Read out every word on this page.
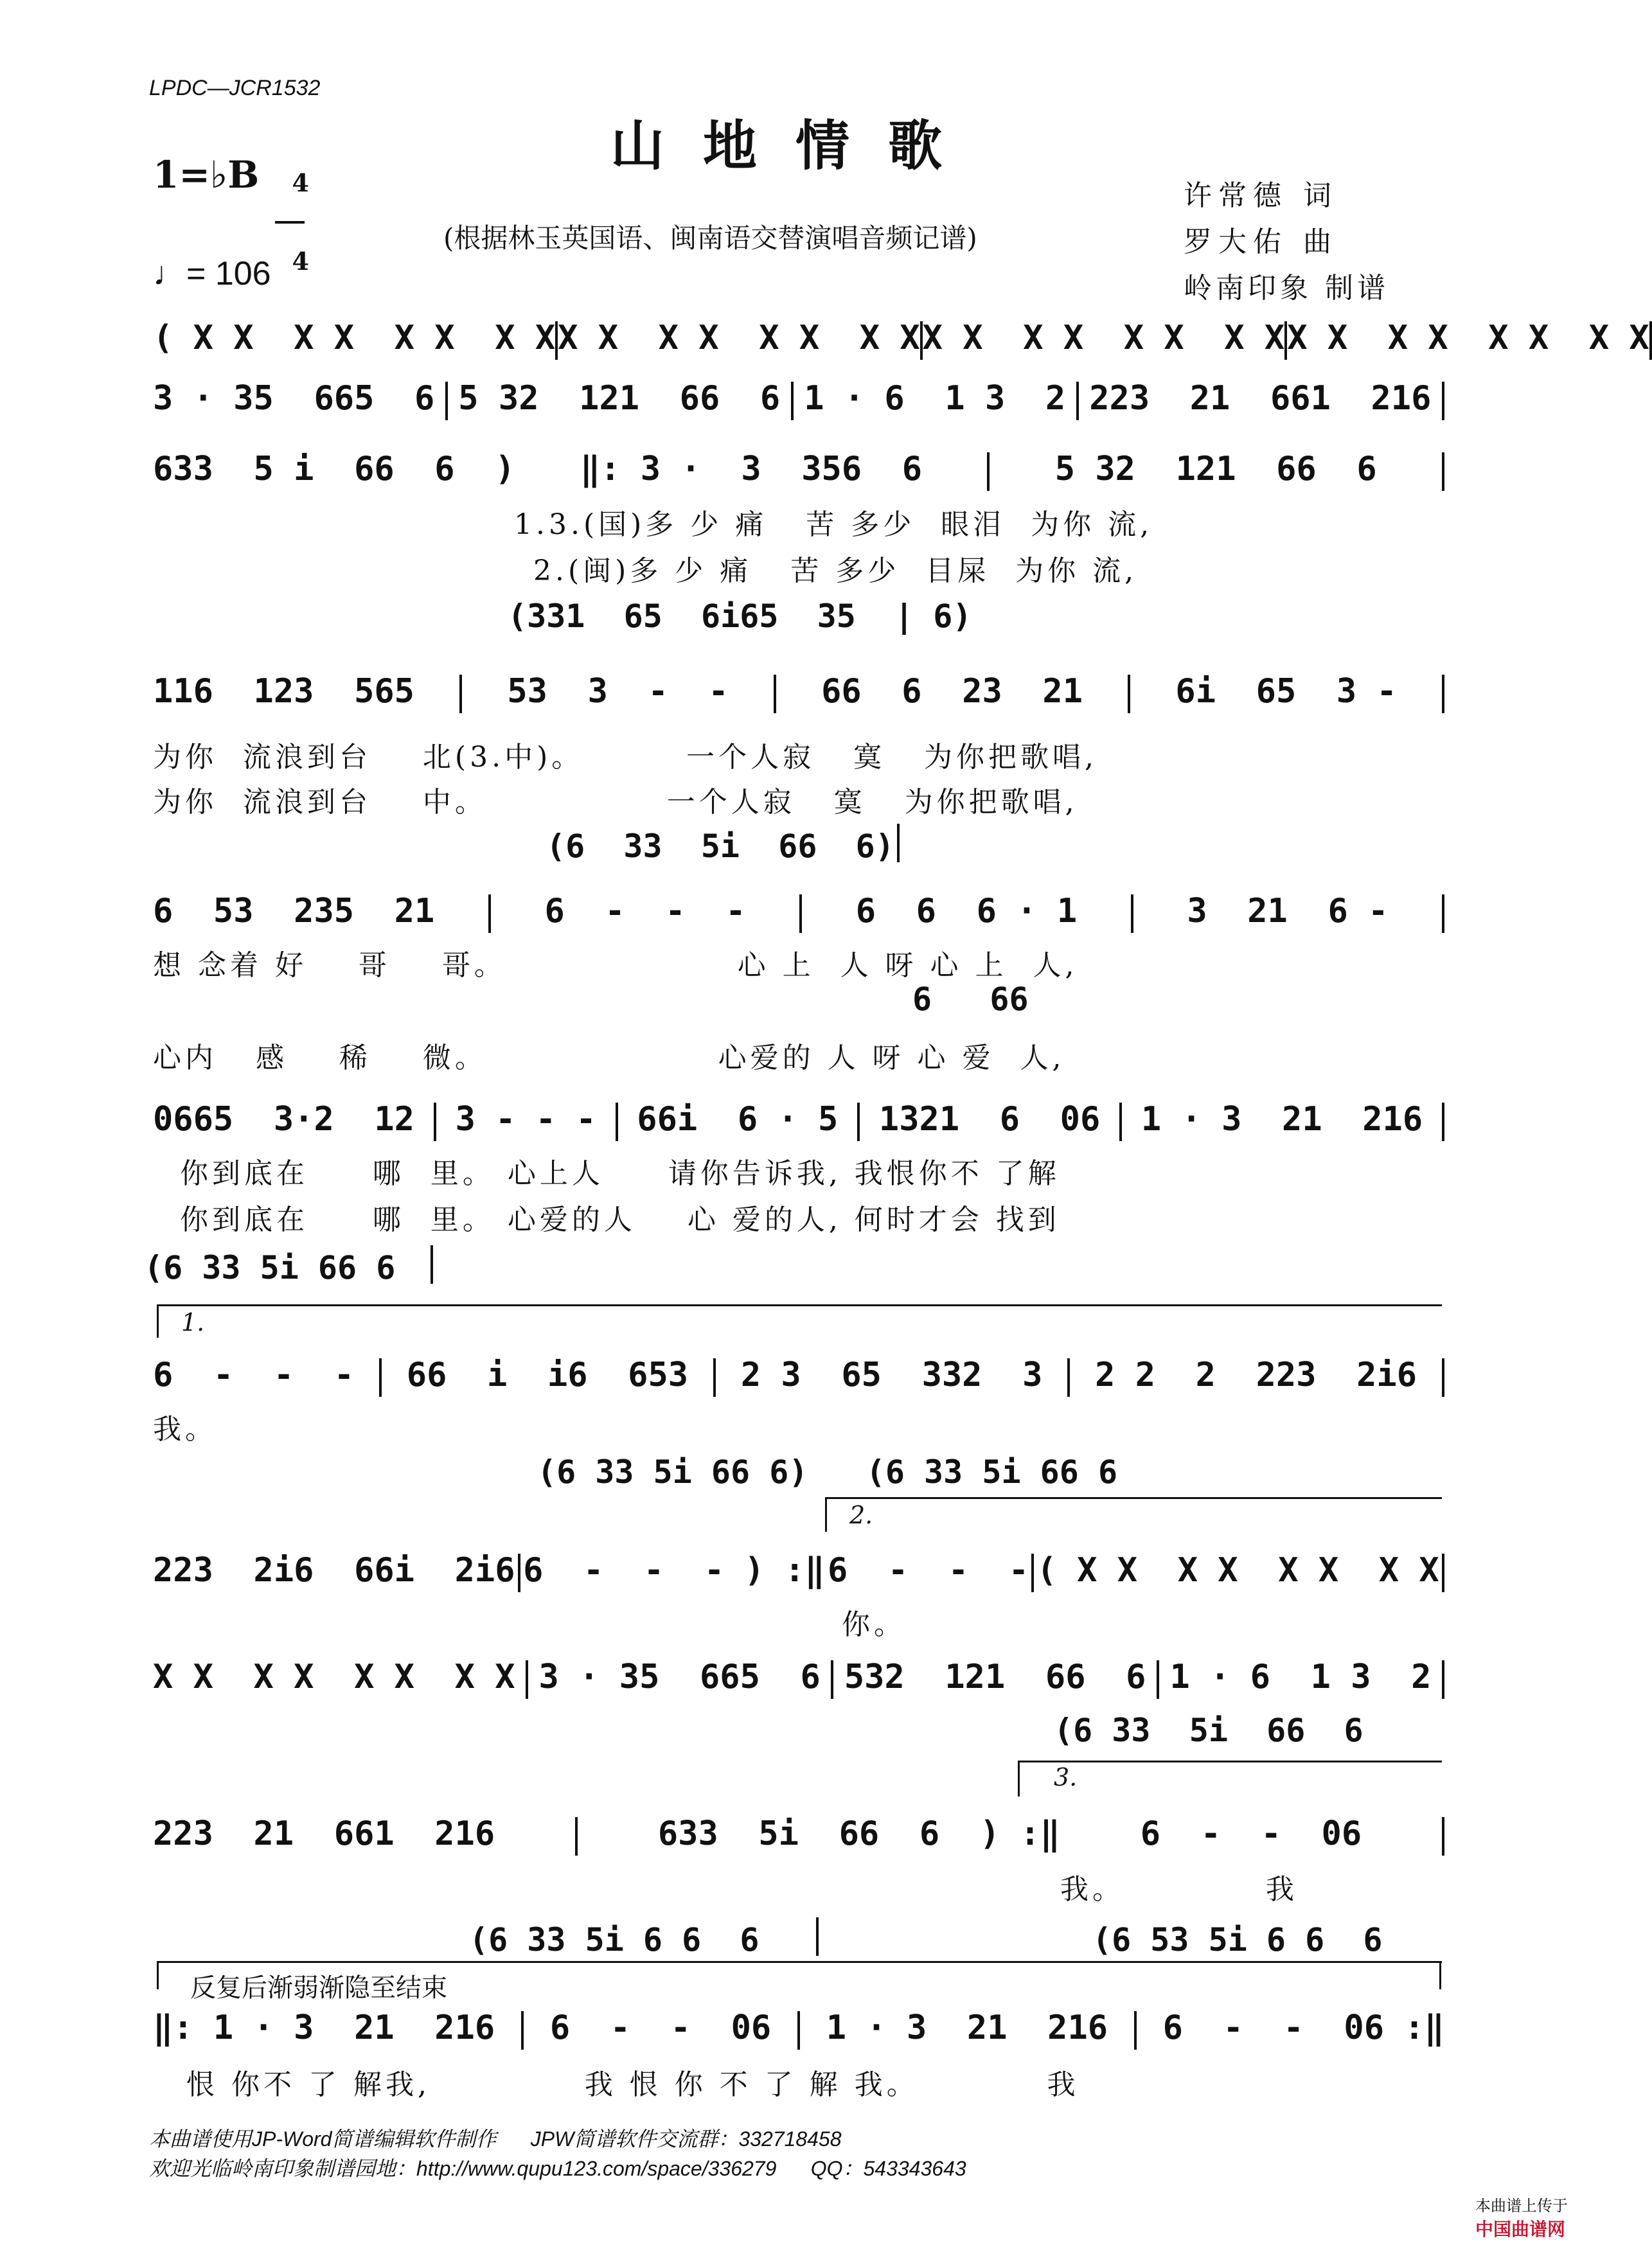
LPDC—JCR1532
山地情歌
1=♭B	4

4

♩= 106
(根据林玉英国语、闽南语交替演唱音频记谱)
许常德 词
罗大佑 曲
岭南印象 制谱
( X X  X X  X X  X X X X  X X  X X  X X X X  X X  X X  X X X X  X X  X X  X X
3 · 35  665  6 5 32  121  66  6 1 · 6  1 3  2 223  21  661  216
633  5 i  66  6  ) ‖: 3 ·  3  356  6	5 32  121  66  6
1.3.(国)多 少 痛   苦 多少  眼泪  为你 流,
2.(闽)多 少 痛   苦 多少  目屎  为你 流,
(331  65  6i65  35  | 6)
116  123  565	53  3  -  -	66  6  23  21	6i  65  3 -
为你  流浪到台    北(3.中)。        一个人寂   寞   为你把歌唱,
为你  流浪到台    中。              一个人寂   寞   为你把歌唱,
(6  33  5i  66  6)
6  53  235  21	6  -  -  -	6  6  6 · 1	3  21  6 -
想 念着 好    哥    哥。                  心 上  人 呀 心 上  人,
6   66
心内   感    稀    微。                  心爱的 人 呀 心 爱  人,
0665  3·2  12 3 - - - 66i  6 · 5 1321  6  06 1 · 3  21  216
你到底在     哪  里。 心上人     请你告诉我, 我恨你不 了解
你到底在     哪  里。 心爱的人    心 爱的人, 何时才会 找到
(6 33 5i 66 6
1.
6  -  -  - 66  i  i6  653 2 3  65  332  3 2 2  2  223  2i6
我。
(6 33 5i 66 6)   (6 33 5i 66 6
2.
223  2i6  66i  2i6 6  -  -  - ) :‖ 6  -  -  - ( X X  X X  X X  X X
你。
X X  X X  X X  X X 3 · 35  665  6 532  121  66  6 1 · 6  1 3  2
(6 33  5i  66  6
3.
223  21  661  216	633  5i  66  6  ) :‖ 6  -  -  06
我。           我
(6 33 5i 6 6  6	(6 53 5i 6 6  6
反复后渐弱渐隐至结束
‖: 1 · 3  21  216 6  -  -  06 1 · 3  21  216 6  -  -  06 :‖
恨 你不 了 解我,            我 恨 你 不 了 解 我。          我
本曲谱使用JP-Word简谱编辑软件制作      JPW简谱软件交流群：332718458
欢迎光临岭南印象制谱园地：http://www.qupu123.com/space/336279      QQ：543343643

本曲谱上传于
中国曲谱网
